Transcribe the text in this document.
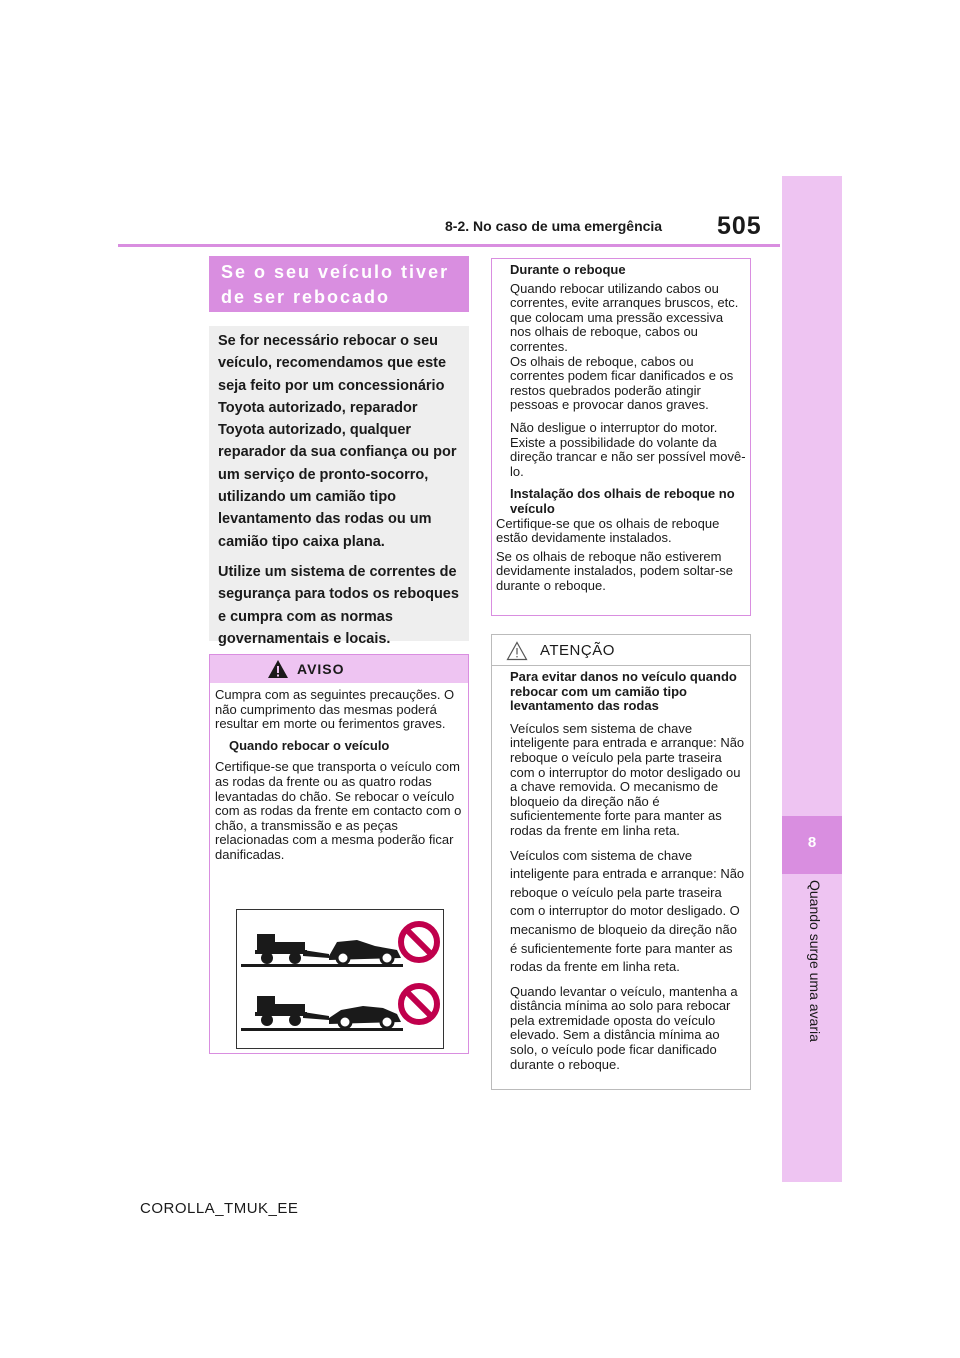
8-2. No caso de uma emergência 505
8
Quando surge uma avaria
Se o seu veículo tiver de ser rebocado

Se for necessário rebocar o seu veículo, recomendamos que este seja feito por um concessionário Toyota autorizado, reparador Toyota autorizado, qualquer reparador da sua confiança ou por um serviço de pronto-socorro, utilizando um camião tipo levantamento das rodas ou um camião tipo caixa plana.

Utilize um sistema de correntes de segurança para todos os reboques e cumpra com as normas governamentais e locais.

AVISO

Cumpra com as seguintes precauções. O não cumprimento das mesmas poderá resultar em morte ou ferimentos graves.

Quando rebocar o veículo

Certifique-se que transporta o veículo com as rodas da frente ou as quatro rodas levantadas do chão. Se rebocar o veículo com as rodas da frente em contacto com o chão, a transmissão e as peças relacionadas com a mesma poderão ficar danificadas.

Durante o reboque

Quando rebocar utilizando cabos ou correntes, evite arranques bruscos, etc. que colocam uma pressão excessiva nos olhais de reboque, cabos ou correntes.

Os olhais de reboque, cabos ou correntes podem ficar danificados e os restos quebrados poderão atingir pessoas e provocar danos graves.

Não desligue o interruptor do motor. Existe a possibilidade do volante da direção trancar e não ser possível movê-lo.

Instalação dos olhais de reboque no veículo

Certifique-se que os olhais de reboque estão devidamente instalados.

Se os olhais de reboque não estiverem devidamente instalados, podem soltar-se durante o reboque.

ATENÇÃO

Para evitar danos no veículo quando rebocar com um camião tipo levantamento das rodas

Veículos sem sistema de chave inteligente para entrada e arranque: Não reboque o veículo pela parte traseira com o interruptor do motor desligado ou a chave removida. O mecanismo de bloqueio da direção não é suficientemente forte para manter as rodas da frente em linha reta.

Veículos com sistema de chave inteligente para entrada e arranque: Não reboque o veículo pela parte traseira com o interruptor do motor desligado. O mecanismo de bloqueio da direção não é suficientemente forte para manter as rodas da frente em linha reta.

Quando levantar o veículo, mantenha a distância mínima ao solo para rebocar pela extremidade oposta do veículo elevado. Sem a distância mínima ao solo, o veículo pode ficar danificado durante o reboque.

COROLLA_TMUK_EE
